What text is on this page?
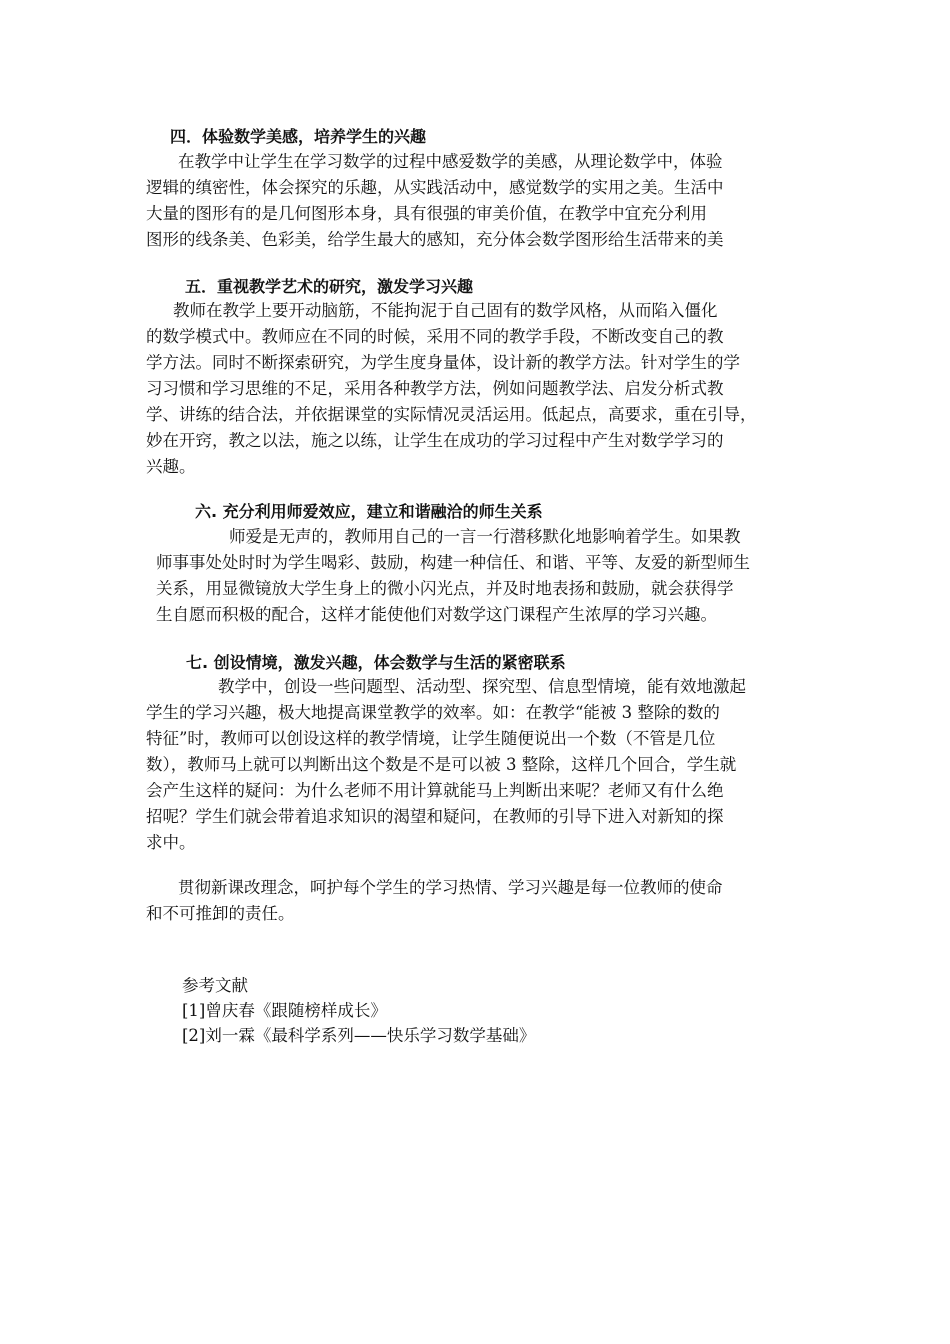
四．体验数学美感，培养学生的兴趣
在教学中让学生在学习数学的过程中感爱数学的美感，从理论数学中，体验
逻辑的缜密性，体会探究的乐趣，从实践活动中，感觉数学的实用之美。生活中
大量的图形有的是几何图形本身，具有很强的审美价值，在教学中宜充分利用
图形的线条美、色彩美，给学生最大的感知，充分体会数学图形给生活带来的美
五．重视教学艺术的研究，激发学习兴趣
教师在教学上要开动脑筋，不能拘泥于自己固有的数学风格，从而陷入僵化
的数学模式中。教师应在不同的时候，采用不同的教学手段，不断改变自己的教
学方法。同时不断探索研究，为学生度身量体，设计新的教学方法。针对学生的学
习习惯和学习思维的不足，采用各种教学方法，例如问题教学法、启发分析式教
学、讲练的结合法，并依据课堂的实际情况灵活运用。低起点，高要求，重在引导，
妙在开窍，教之以法，施之以练，让学生在成功的学习过程中产生对数学学习的
兴趣。
六. 充分利用师爱效应，建立和谐融洽的师生关系
师爱是无声的，教师用自己的一言一行潜移默化地影响着学生。如果教
师事事处处时时为学生喝彩、鼓励，构建一种信任、和谐、平等、友爱的新型师生
关系，用显微镜放大学生身上的微小闪光点，并及时地表扬和鼓励，就会获得学
生自愿而积极的配合，这样才能使他们对数学这门课程产生浓厚的学习兴趣。
七. 创设情境，激发兴趣，体会数学与生活的紧密联系
教学中，创设一些问题型、活动型、探究型、信息型情境，能有效地激起
学生的学习兴趣，极大地提高课堂教学的效率。如：在教学“能被 3 整除的数的
特征”时，教师可以创设这样的教学情境，让学生随便说出一个数（不管是几位
数），教师马上就可以判断出这个数是不是可以被 3 整除，这样几个回合，学生就
会产生这样的疑问：为什么老师不用计算就能马上判断出来呢？老师又有什么绝
招呢？学生们就会带着追求知识的渴望和疑问，在教师的引导下进入对新知的探
求中。
贯彻新课改理念，呵护每个学生的学习热情、学习兴趣是每一位教师的使命
和不可推卸的责任。
参考文献
[1]曾庆春《跟随榜样成长》
[2]刘一霖《最科学系列——快乐学习数学基础》
